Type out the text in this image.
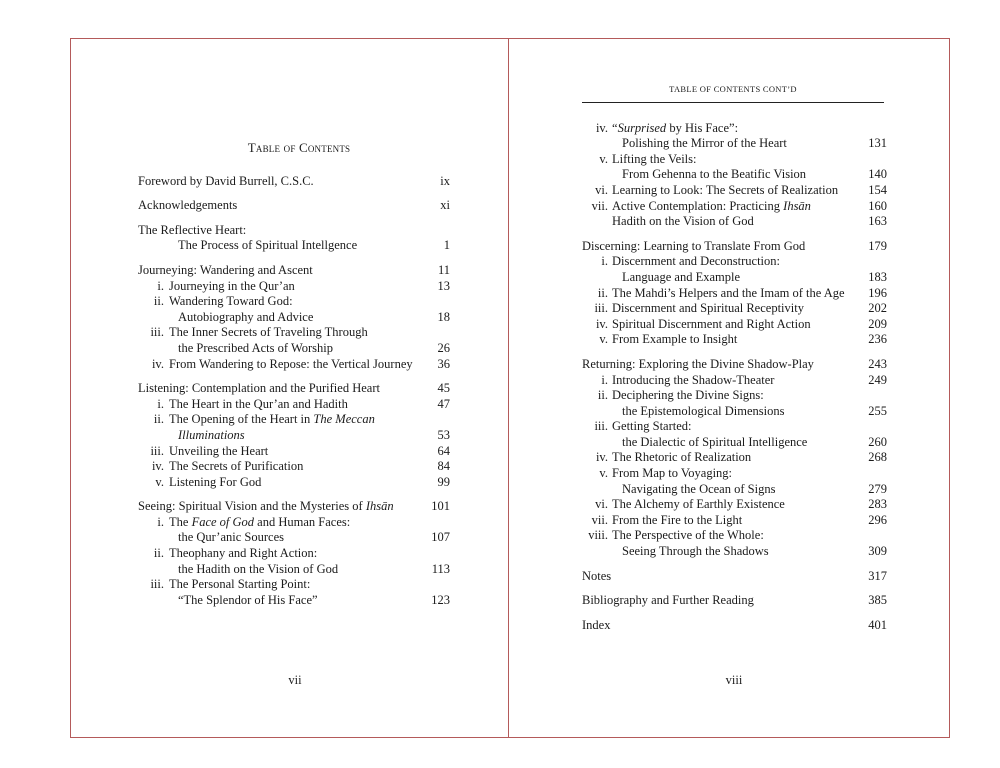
Table of Contents
Foreword by David Burrell, C.S.C.	ix
Acknowledgements	xi
The Reflective Heart:
The Process of Spiritual Intellgence	1
Journeying: Wandering and Ascent	11
i. Journeying in the Qur’an	13
ii. Wandering Toward God:
Autobiography and Advice	18
iii. The Inner Secrets of Traveling Through
the Prescribed Acts of Worship	26
iv. From Wandering to Repose: the Vertical Journey 36
Listening: Contemplation and the Purified Heart	45
i. The Heart in the Qur’an and Hadith	47
ii. The Opening of the Heart in The Meccan
Illuminations	53
iii. Unveiling the Heart	64
iv. The Secrets of Purification	84
v. Listening For God	99
Seeing: Spiritual Vision and the Mysteries of Ihsān	101
i. The Face of God and Human Faces:
the Qur’anic Sources	107
ii. Theophany and Right Action:
the Hadith on the Vision of God	113
iii. The Personal Starting Point:
“The Splendor of His Face”	123
vii
TABLE OF CONTENTS CONT’D
iv. “Surprised by His Face”:
Polishing the Mirror of the Heart	131
v. Lifting the Veils:
From Gehenna to the Beatific Vision	140
vi. Learning to Look: The Secrets of Realization 154
vii. Active Contemplation: Practicing Ihsān	160
Hadith on the Vision of God	163
Discerning: Learning to Translate From God	179
i. Discernment and Deconstruction:
Language and Example	183
ii. The Mahdi’s Helpers and the Imam of the Age 196
iii. Discernment and Spiritual Receptivity	202
iv. Spiritual Discernment and Right Action	209
v. From Example to Insight	236
Returning: Exploring the Divine Shadow-Play	243
i. Introducing the Shadow-Theater	249
ii. Deciphering the Divine Signs:
the Epistemological Dimensions	255
iii. Getting Started:
the Dialectic of Spiritual Intelligence	260
iv. The Rhetoric of Realization	268
v. From Map to Voyaging:
Navigating the Ocean of Signs	279
vi. The Alchemy of Earthly Existence	283
vii. From the Fire to the Light	296
viii. The Perspective of the Whole:
Seeing Through the Shadows	309
Notes	317
Bibliography and Further Reading	385
Index	401
viii
